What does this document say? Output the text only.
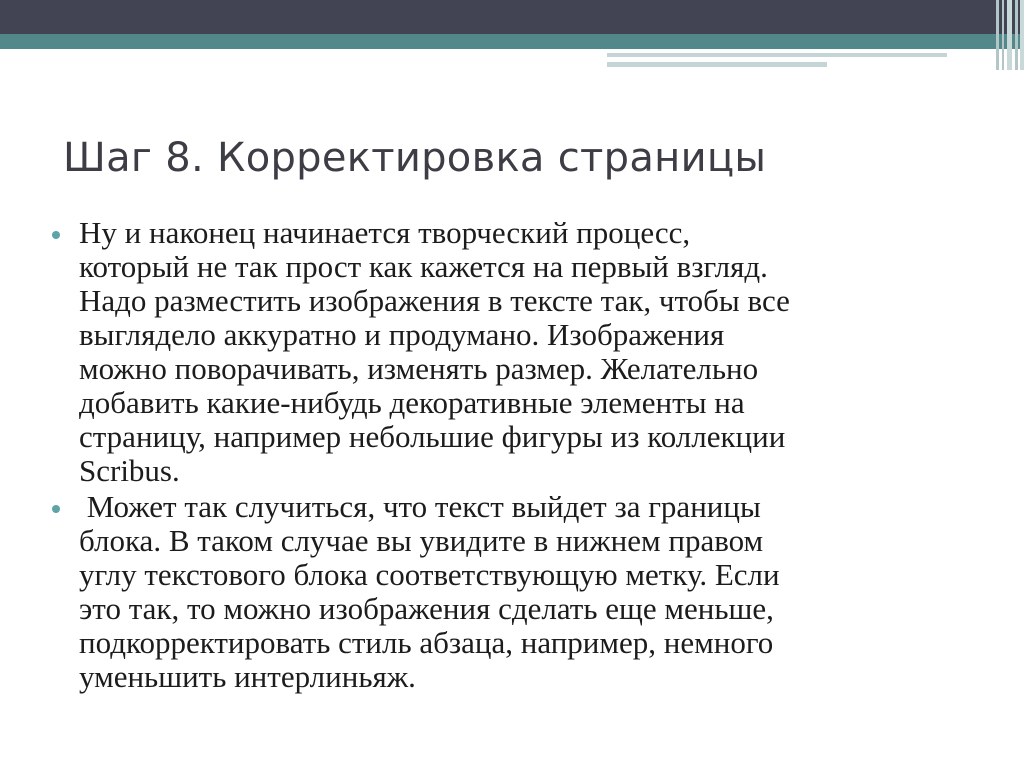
Шаг 8. Корректировка страницы
Ну и наконец начинается творческий процесс,
который не так прост как кажется на первый взгляд.
Надо разместить изображения в тексте так, чтобы все
выглядело аккуратно и продумано. Изображения
можно поворачивать, изменять размер. Желательно
добавить какие-нибудь декоративные элементы на
страницу, например небольшие фигуры из коллекции
Scribus.
Может так случиться, что текст выйдет за границы
блока. В таком случае вы увидите в нижнем правом
углу текстового блока соответствующую метку. Если
это так, то можно изображения сделать еще меньше,
подкорректировать стиль абзаца, например, немного
уменьшить интерлиньяж.
